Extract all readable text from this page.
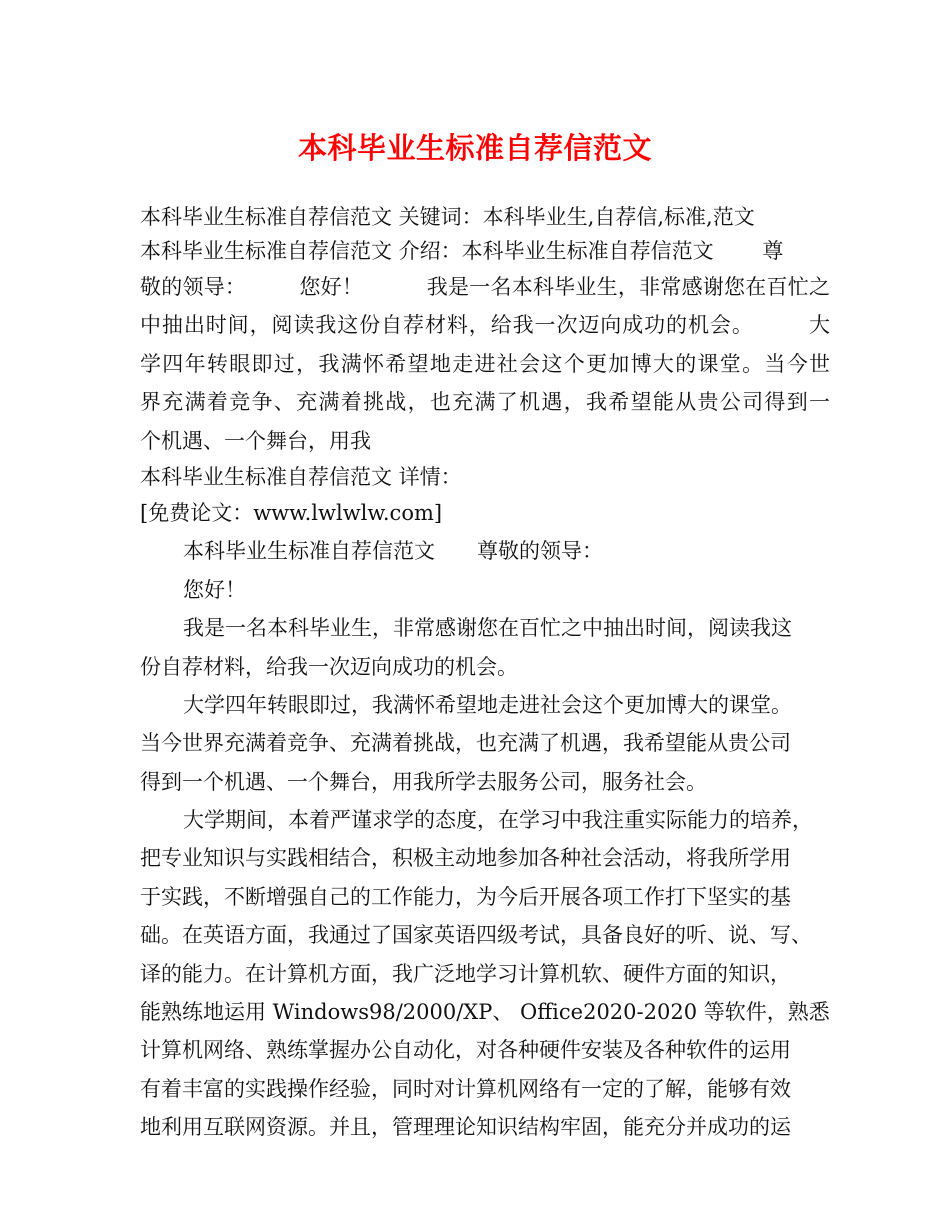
本科毕业生标准自荐信范文
本科毕业生标准自荐信范文 关键词：本科毕业生,自荐信,标准,范文
本科毕业生标准自荐信范文 介绍：本科毕业生标准自荐信范文　　 尊
敬的领导：　　　您好！　　　我是一名本科毕业生，非常感谢您在百忙之
中抽出时间，阅读我这份自荐材料，给我一次迈向成功的机会。　　　大
学四年转眼即过，我满怀希望地走进社会这个更加博大的课堂。当今世
界充满着竞争、充满着挑战，也充满了机遇，我希望能从贵公司得到一
个机遇、一个舞台，用我
本科毕业生标准自荐信范文 详情：
[免费论文：www.lwlwlw.com]
本科毕业生标准自荐信范文　　尊敬的领导：
您好！
我是一名本科毕业生，非常感谢您在百忙之中抽出时间，阅读我这
份自荐材料，给我一次迈向成功的机会。
大学四年转眼即过，我满怀希望地走进社会这个更加博大的课堂。
当今世界充满着竞争、充满着挑战，也充满了机遇，我希望能从贵公司
得到一个机遇、一个舞台，用我所学去服务公司，服务社会。
大学期间，本着严谨求学的态度，在学习中我注重实际能力的培养，
把专业知识与实践相结合，积极主动地参加各种社会活动，将我所学用
于实践，不断增强自己的工作能力，为今后开展各项工作打下坚实的基
础。在英语方面，我通过了国家英语四级考试，具备良好的听、说、写、
译的能力。在计算机方面，我广泛地学习计算机软、硬件方面的知识，
能熟练地运用 Windows98/2000/XP、 Office2020-2020 等软件，熟悉
计算机网络、熟练掌握办公自动化，对各种硬件安装及各种软件的运用
有着丰富的实践操作经验，同时对计算机网络有一定的了解，能够有效
地利用互联网资源。并且，管理理论知识结构牢固，能充分并成功的运
